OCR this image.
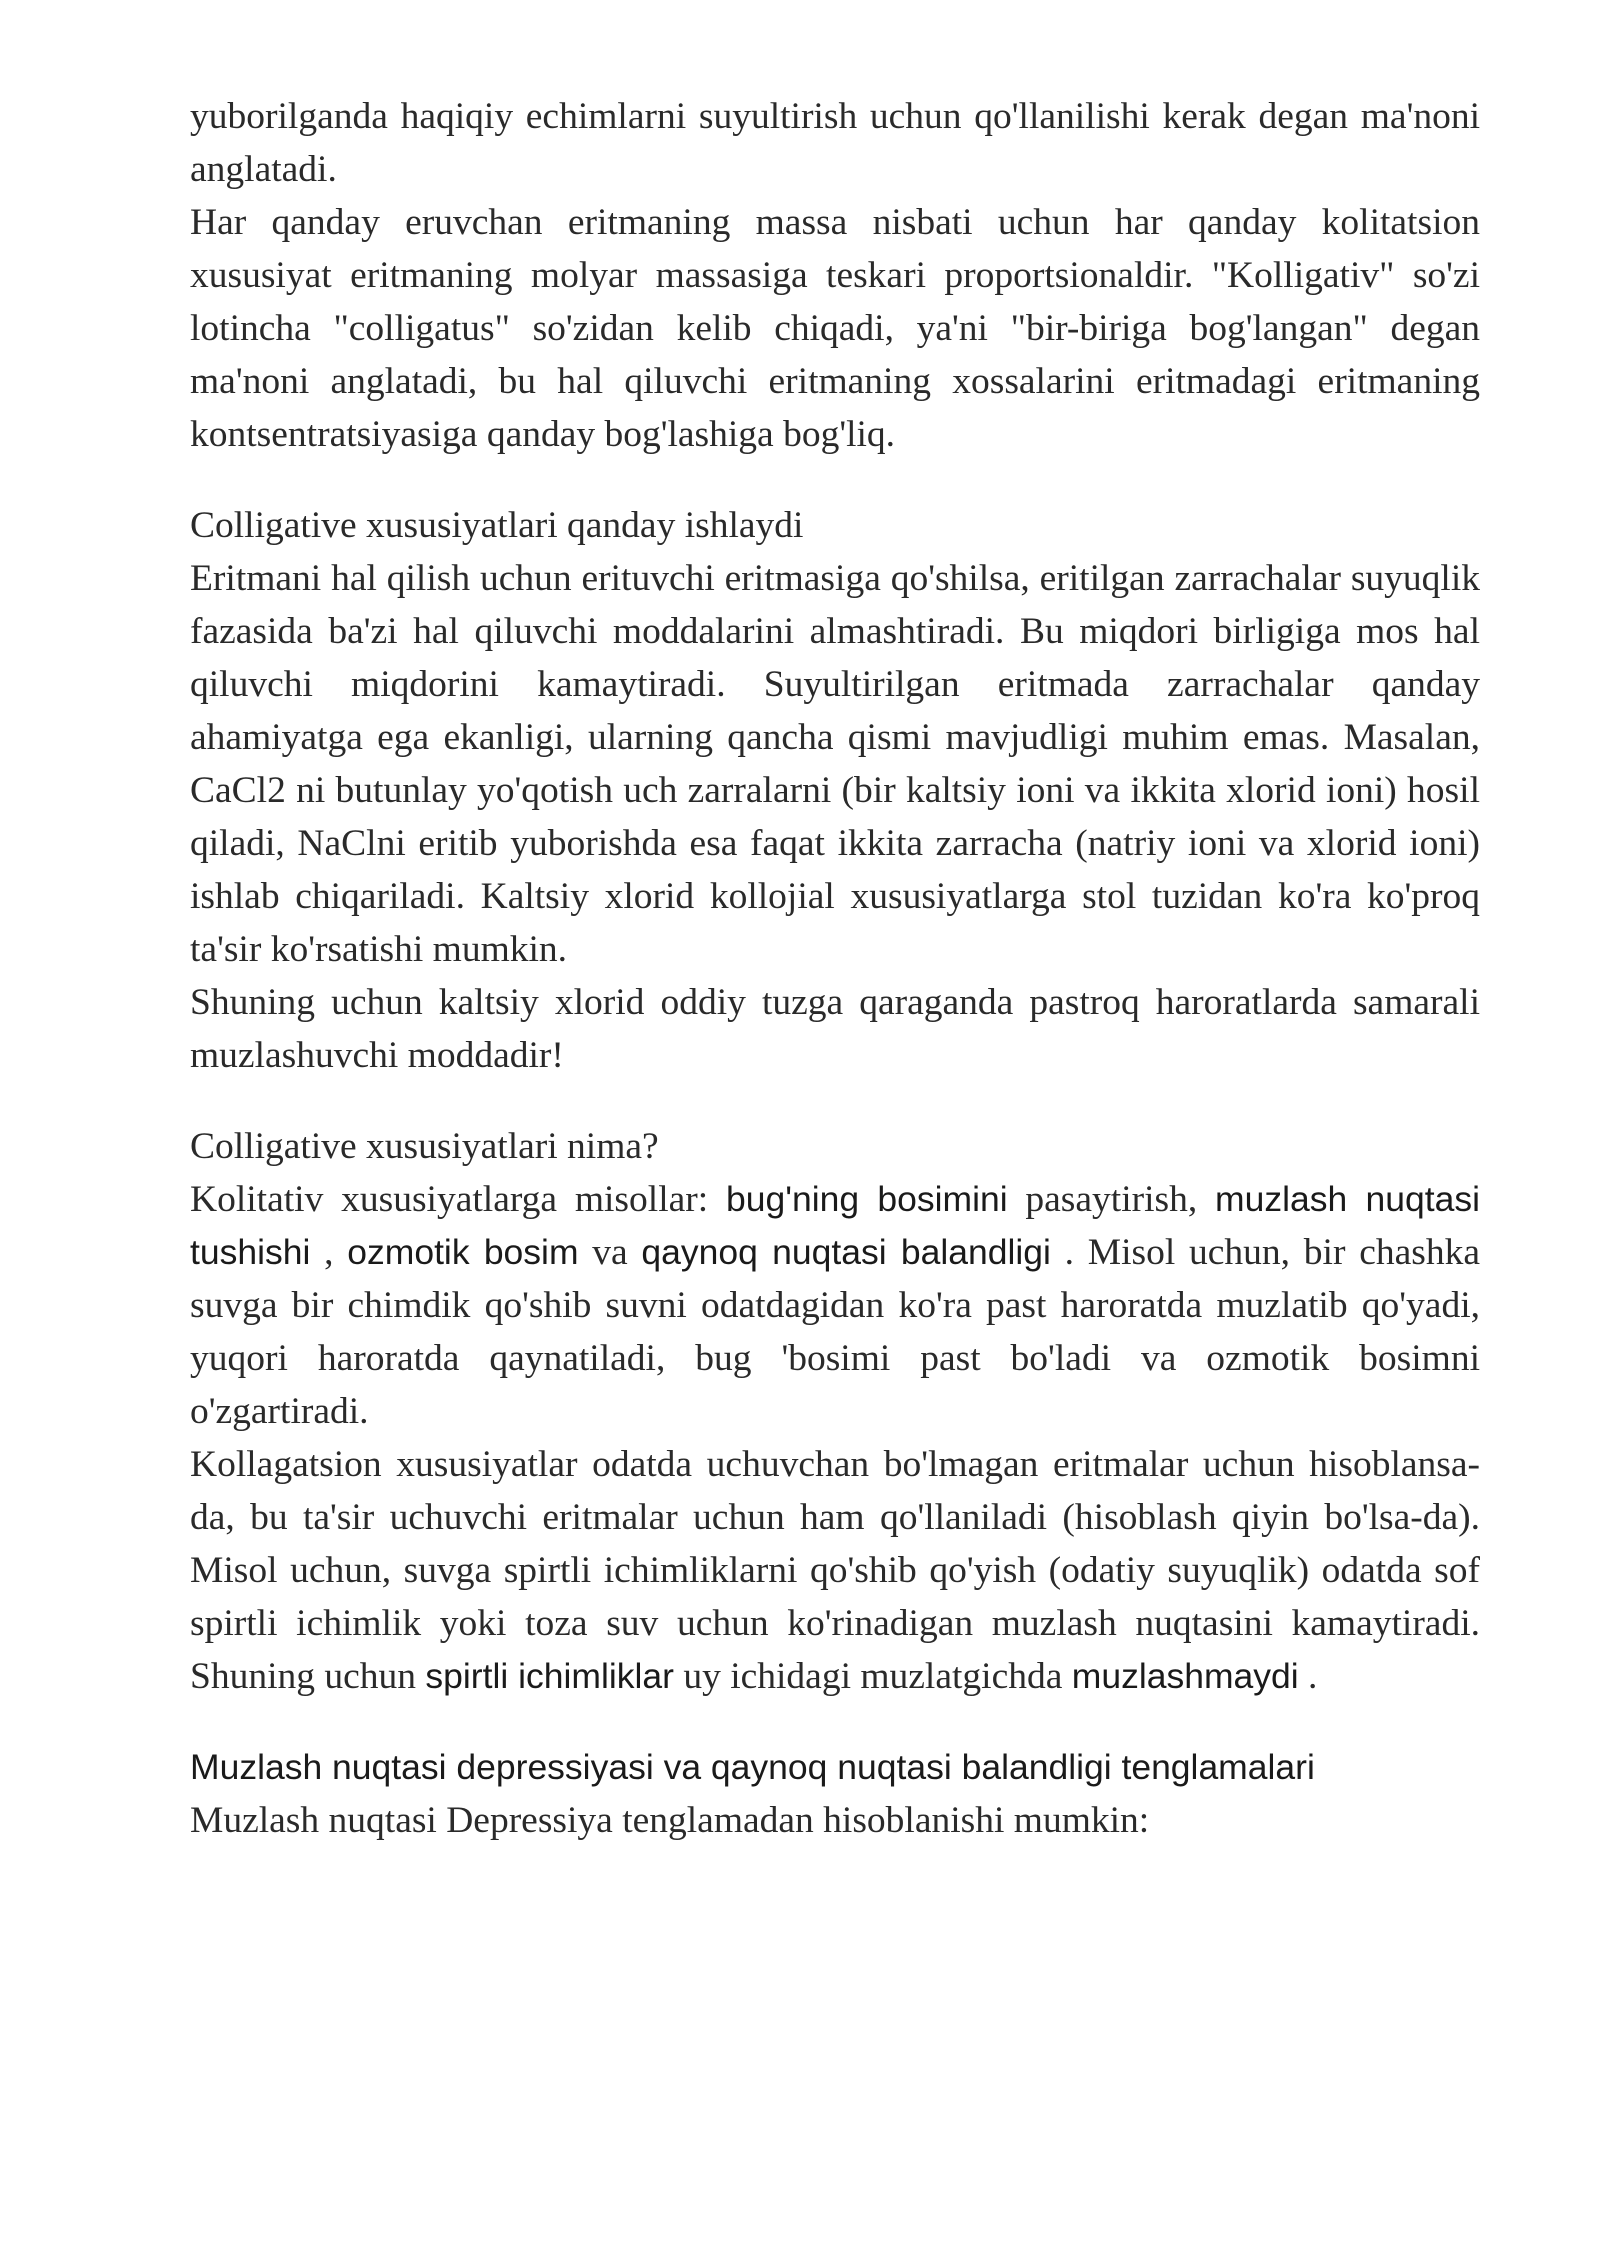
yuborilganda haqiqiy echimlarni suyultirish uchun qo'llanilishi kerak degan ma'noni anglatadi.

Har qanday eruvchan eritmaning massa nisbati uchun har qanday kolitatsion xususiyat eritmaning molyar massasiga teskari proportsionaldir. "Kolligativ" so'zi lotincha "colligatus" so'zidan kelib chiqadi, ya'ni "bir-biriga bog'langan" degan ma'noni anglatadi, bu hal qiluvchi eritmaning xossalarini eritmadagi eritmaning kontsentratsiyasiga qanday bog'lashiga bog'liq.

Colligative xususiyatlari qanday ishlaydi

Eritmani hal qilish uchun erituvchi eritmasiga qo'shilsa, eritilgan zarrachalar suyuqlik fazasida ba'zi hal qiluvchi moddalarini almashtiradi. Bu miqdori birligiga mos hal qiluvchi miqdorini kamaytiradi. Suyultirilgan eritmada zarrachalar qanday ahamiyatga ega ekanligi, ularning qancha qismi mavjudligi muhim emas. Masalan, CaCl2 ni butunlay yo'qotish uch zarralarni (bir kaltsiy ioni va ikkita xlorid ioni) hosil qiladi, NaClni eritib yuborishda esa faqat ikkita zarracha (natriy ioni va xlorid ioni) ishlab chiqariladi. Kaltsiy xlorid kollojial xususiyatlarga stol tuzidan ko'ra ko'proq ta'sir ko'rsatishi mumkin.

Shuning uchun kaltsiy xlorid oddiy tuzga qaraganda pastroq haroratlarda samarali muzlashuvchi moddadir!

Colligative xususiyatlari nima?

Kolitativ xususiyatlarga misollar: bug'ning bosimini pasaytirish, muzlash nuqtasi tushishi , ozmotik bosim va qaynoq nuqtasi balandligi . Misol uchun, bir chashka suvga bir chimdik qo'shib suvni odatdagidan ko'ra past haroratda muzlatib qo'yadi, yuqori haroratda qaynatiladi, bug 'bosimi past bo'ladi va ozmotik bosimni o'zgartiradi.

Kollagatsion xususiyatlar odatda uchuvchan bo'lmagan eritmalar uchun hisoblansa-da, bu ta'sir uchuvchi eritmalar uchun ham qo'llaniladi (hisoblash qiyin bo'lsa-da). Misol uchun, suvga spirtli ichimliklarni qo'shib qo'yish (odatiy suyuqlik) odatda sof spirtli ichimlik yoki toza suv uchun ko'rinadigan muzlash nuqtasini kamaytiradi. Shuning uchun spirtli ichimliklar uy ichidagi muzlatgichda muzlashmaydi .

Muzlash nuqtasi depressiyasi va qaynoq nuqtasi balandligi tenglamalari

Muzlash nuqtasi Depressiya tenglamadan hisoblanishi mumkin:
